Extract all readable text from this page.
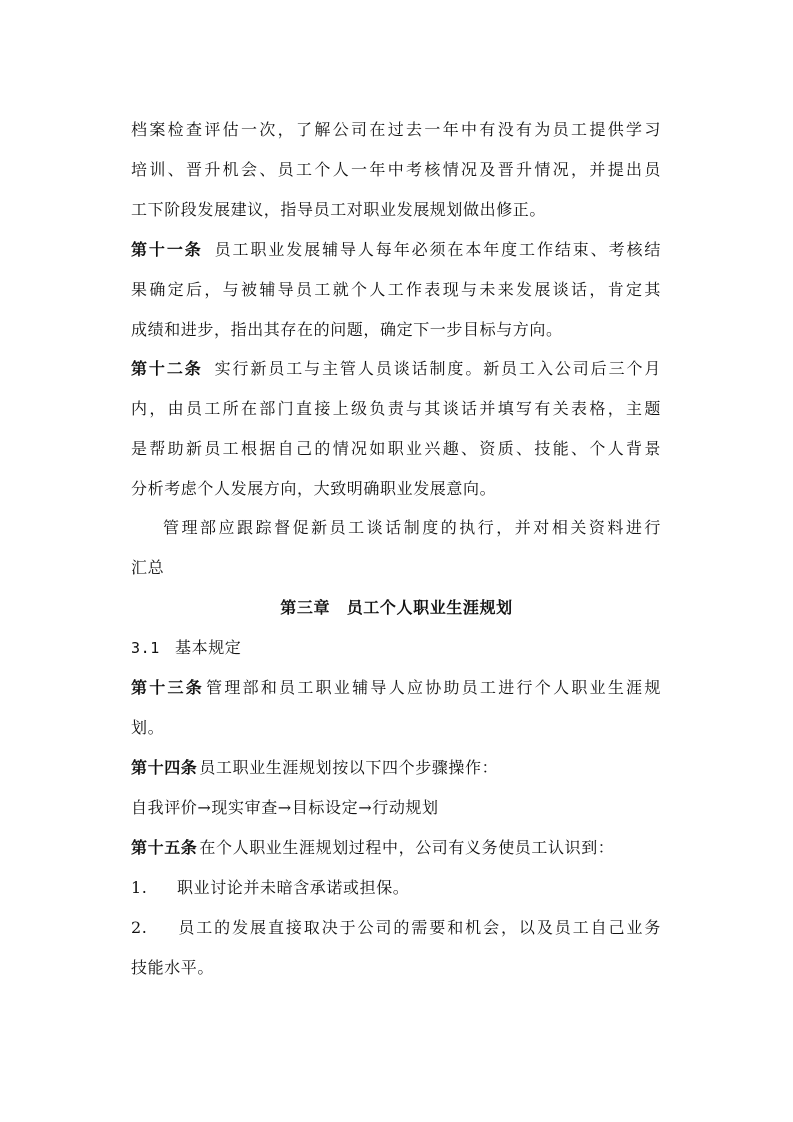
档案检查评估一次，了解公司在过去一年中有没有为员工提供学习
培训、晋升机会、员工个人一年中考核情况及晋升情况，并提出员
工下阶段发展建议，指导员工对职业发展规划做出修正。
第十一条 员工职业发展辅导人每年必须在本年度工作结束、考核结
果确定后，与被辅导员工就个人工作表现与未来发展谈话，肯定其
成绩和进步，指出其存在的问题，确定下一步目标与方向。
第十二条 实行新员工与主管人员谈话制度。新员工入公司后三个月
内，由员工所在部门直接上级负责与其谈话并填写有关表格，主题
是帮助新员工根据自己的情况如职业兴趣、资质、技能、个人背景
分析考虑个人发展方向，大致明确职业发展意向。
管理部应跟踪督促新员工谈话制度的执行，并对相关资料进行
汇总
第三章　员工个人职业生涯规划
3.1 基本规定
第十三条 管理部和员工职业辅导人应协助员工进行个人职业生涯规
划。
第十四条 员工职业生涯规划按以下四个步骤操作：
自我评价→现实审查→目标设定→行动规划
第十五条 在个人职业生涯规划过程中，公司有义务使员工认识到：
1. 职业讨论并未暗含承诺或担保。
2. 员工的发展直接取决于公司的需要和机会，以及员工自己业务
技能水平。
